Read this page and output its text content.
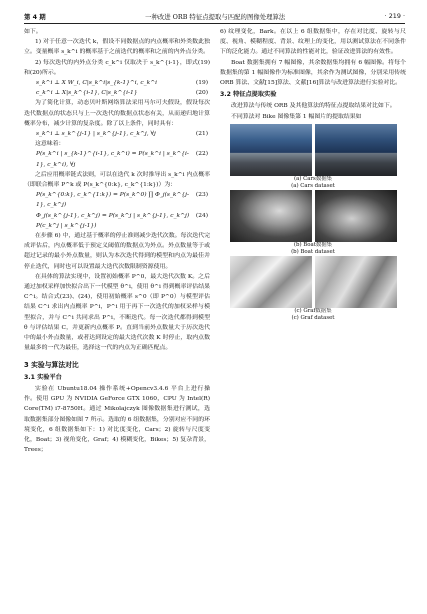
第 4 期	一种改进 ORB 特征点提取与匹配的图像处理算法	· 219 ·

如下。

1) 对于任意一次迭代 k，假设不同数据点的内点概率和外类数此独立。变量概率 s_k^i 的概率基于之前迭代的概率和之前的内外点分类。

2) 每次迭代的内外点分类 c_k^i 仅取决于 s_k^{i-1}，即式(19)和(20)所示。

s_k^i ⊥ X W_i, C|s_k^i|s_{k-1}^i, c_k^i	(19)
c_k^i ⊥ X|s_k^{i-1}, C|s_k^{i-1}	(20)

为了简化计算，动态贝叶斯网络算法采用马尔可夫假设，假设每次迭代数据点的状态只与上一次迭代的数据点状态有关，从而递归地计算概率分布，减少计算的复杂度。除了以上条件，同时具有：

s_k^i ⊥ s_k^{j-1} | s_k^{j-1}, c_k^j, ∀j	(21)

这意味着：

P(s_k^i | s_{k-1}^{i-1}, c_k^i) = P(s_k^i | s_k^{i-1}, c_k^i), ∀j
(22)

之后应用概率链式法则，可以在迭代 k 次时推导出 s_k^i 内点概率（即联合概率 P^k 或 P(s_k^{0:k}, c_k^{1:k})）为：

P(s_k^{0:k}, c_k^{1:k}) = P(s_k^0) ∏ Φ_j(s_k^{j-1}, c_k^j)
(23)
Φ_j(s_k^{j-1}, c_k^j) = P(s_k^j | s_k^{j-1}, c_k^j) P(c_k^j | s_k^{j-1})
(24)

在步骤 6) 中，通过基于概率的停止准则减少迭代次数。每次迭代完成评估后，内点概率低于预定义阈值的数据点为外点。外点数量等于或超过记录的最小外点数量，则认为本次迭代得到的模型和内点为最佳并停止迭代，同时也可以设置最大迭代次数限制资源使用。

在具体的算法实现中，设置初始概率 P^0，最大迭代次数 K。之后通过加权采样加快拟合出下一代模型 θ^i，使用 θ^i 得到概率评估结果 C^i。结合式(23)、(24)，使用初始概率 s^0（即 P^0）与模型评估结果 C^i 求出内点概率 P^i，P^i 用于再下一次迭代的加权采样与模型拟合，并与 C^i 共同求出 P^i，不断迭代。每一次迭代都得到模型 θ 与评估结果 C，并更新内点概率 P。直到当前外点数量大于历次迭代中的最小外点数量，或者达到设定的最大迭代次数 K 时停止，取内点数量最多的一代为最佳，选择这一代的内点为正确匹配点。

3 实验与算法对比
3.1 实验平台

实验在 Ubuntu18.04 操作系统+Opencv3.4.6 平台上进行操作。使用 GPU 为 NVIDIA GeForce GTX 1060，CPU 为 Intel(R) Core(TM) i7-8750H。通过 Mikolajczyk 图像数据集进行测试，选取数据集部分图像如图 7 所示。选取的 6 组数据集，分别对应不同的环境变化，6 组数据集如下：1) 对比度变化，Cars；2) 旋转与尺度变化，Boat；3) 视角变化，Graf；4) 模糊变化，Bikes；5) 复杂背景，Trees；

6) 纹理变化，Bark。在以上 6 组数据集中，存在对比度、旋转与尺度、视角、模糊程度、背景、纹理上的变化，用以测试算法在不同条件下的泛化能力。通过不同算法的性能对比，验证改进算法的有效性。

Boat 数据集拥有 7 幅图像，其余数据集均拥有 6 幅图像。将每个数据集的第 1 幅图像作为标准图像，其余作为测试图像，分别采用传统 ORB 算法、文献[15]算法、文献[16]算法与改进算法进行实验对比。

3.2 特征点提取实验

改进算法与传统 ORB 及其他算法的特征点提取结果对比如下。

不同算法对 Bike 图像集第 1 幅图片的提取结果如

(a) Cars数据集
(a) Cars dataset
(b) Boat数据集
(b) Boat dataset
(c) Graf数据集
(c) Graf dataset
